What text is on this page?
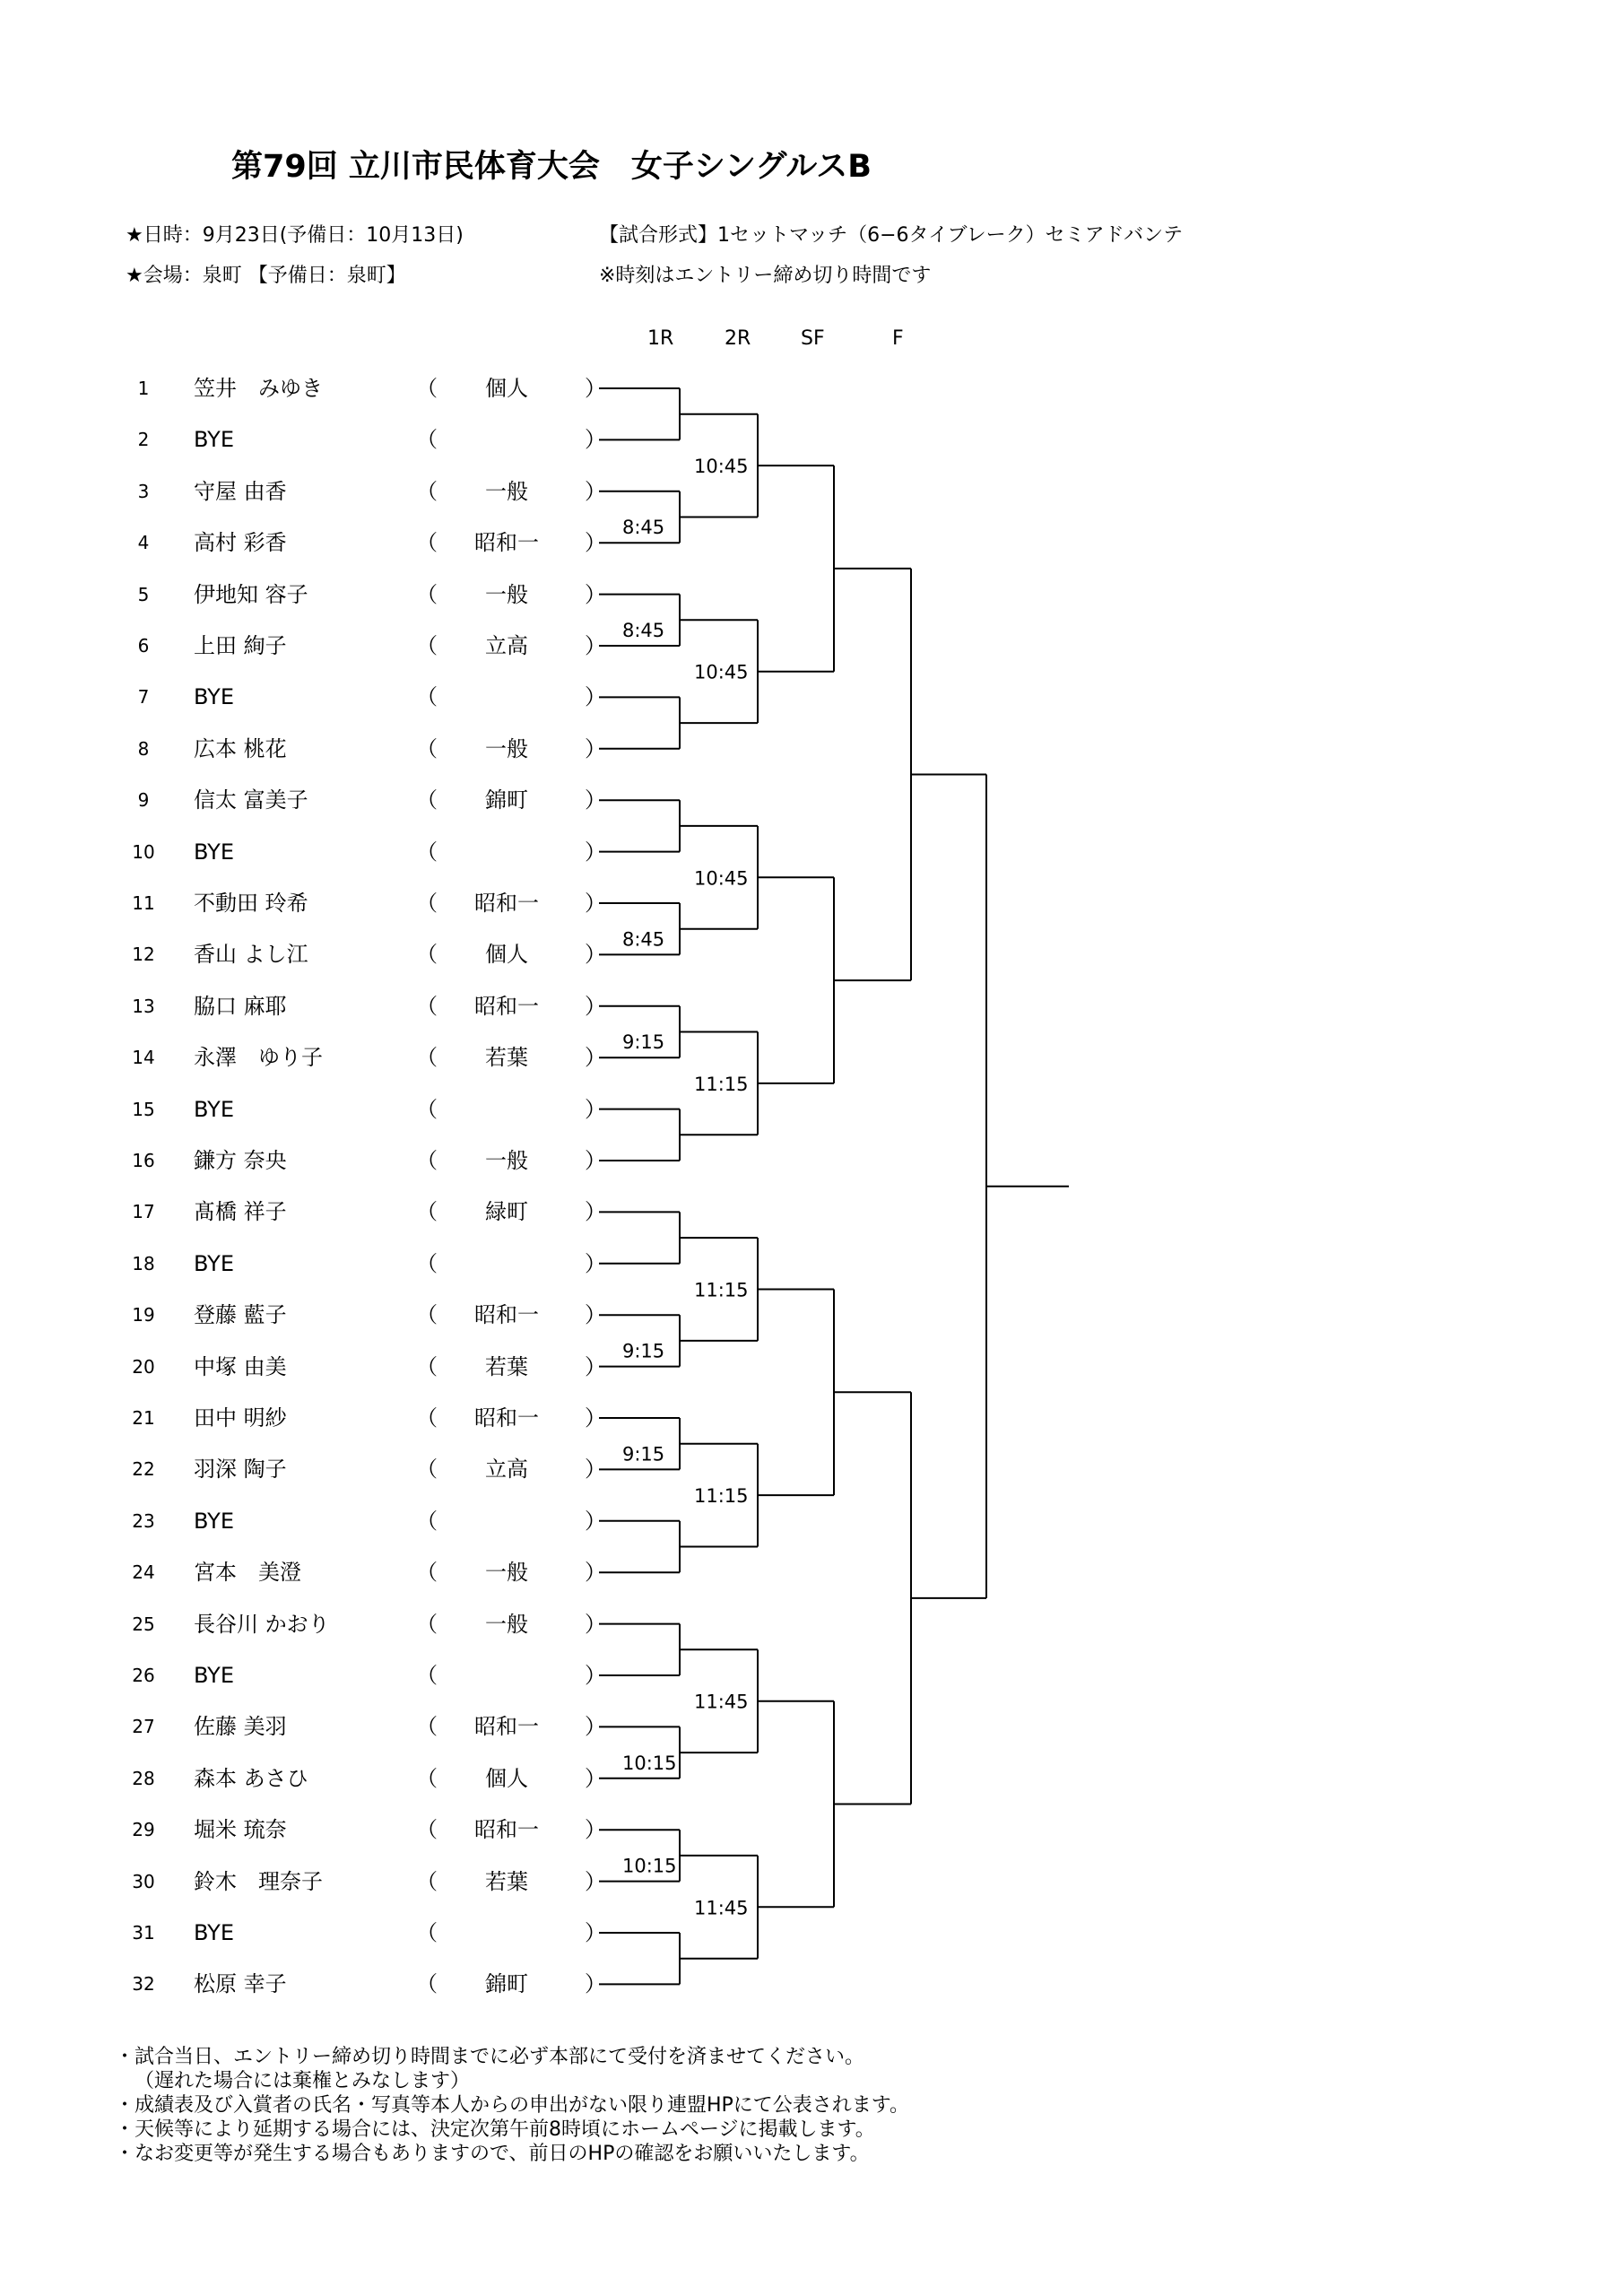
第79回 立川市民体育大会　女子シングルスB
★日時：9月23日(予備日：10月13日)
★会場：泉町 【予備日：泉町】
【試合形式】1セットマッチ（6−6タイブレーク）セミアドバンテ
※時刻はエントリー締め切り時間です
1R	2R	SF	F
1	笠井　みゆき	（	個人	）
2	BYE	（	）
3	守屋 由香	（	一般	）
4	高村 彩香	（	昭和一	）
5	伊地知 容子	（	一般	）
6	上田 絢子	（	立高	）
7	BYE	（	）
8	広本 桃花	（	一般	）
9	信太 富美子	（	錦町	）
10	BYE	（	）
11	不動田 玲希	（	昭和一	）
12	香山 よし江	（	個人	）
13	脇口 麻耶	（	昭和一	）
14	永澤　ゆり子	（	若葉	）
15	BYE	（	）
16	鎌方 奈央	（	一般	）
17	髙橋 祥子	（	緑町	）
18	BYE	（	）
19	登藤 藍子	（	昭和一	）
20	中塚 由美	（	若葉	）
21	田中 明紗	（	昭和一	）
22	羽深 陶子	（	立高	）
23	BYE	（	）
24	宮本　美澄	（	一般	）
25	長谷川 かおり	（	一般	）
26	BYE	（	）
27	佐藤 美羽	（	昭和一	）
28	森本 あさひ	（	個人	）
29	堀米 琉奈	（	昭和一	）
30	鈴木　理奈子	（	若葉	）
31	BYE	（	）
32	松原 幸子	（	錦町	）
8:45
8:45
8:45
9:15
9:15
9:15
10:15
10:15
10:45
10:45
10:45
11:15
11:15
11:15
11:45
11:45
・試合当日、エントリー締め切り時間までに必ず本部にて受付を済ませてください。
（遅れた場合には棄権とみなします）
・成績表及び入賞者の氏名・写真等本人からの申出がない限り連盟HPにて公表されます。
・天候等により延期する場合には、決定次第午前8時頃にホームページに掲載します。
・なお変更等が発生する場合もありますので、前日のHPの確認をお願いいたします。
